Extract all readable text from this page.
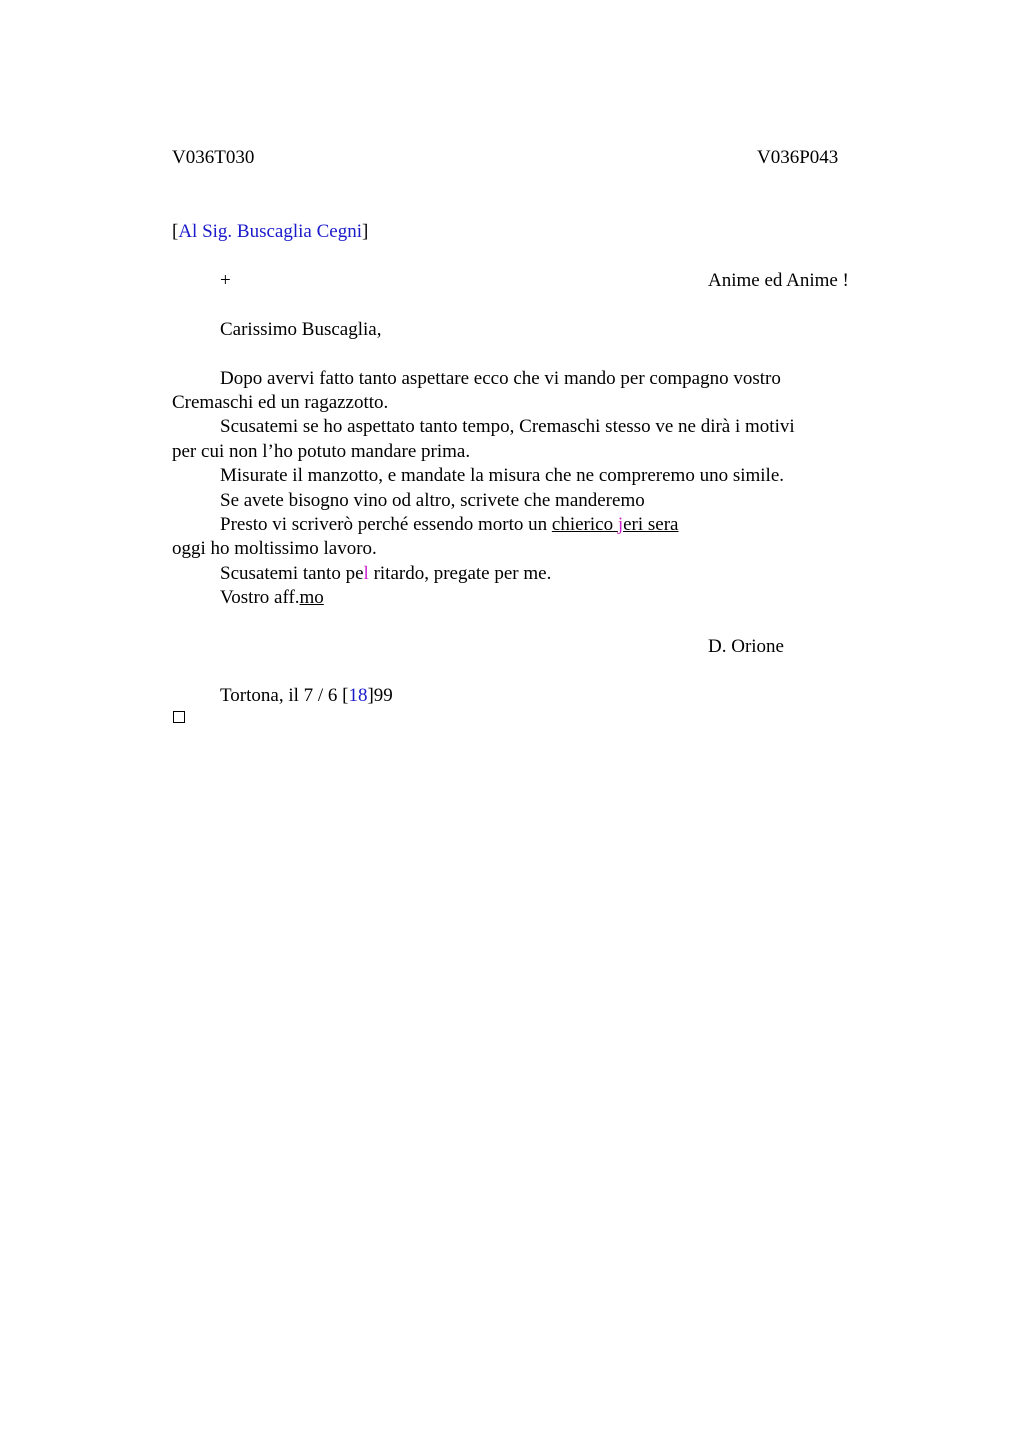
V036T030	V036P043
[Al Sig. Buscaglia Cegni]
+	Anime ed Anime !
Carissimo Buscaglia,
Dopo avervi fatto tanto aspettare ecco che vi mando per compagno vostro
Cremaschi ed un ragazzotto.
Scusatemi se ho aspettato tanto tempo, Cremaschi stesso ve ne dirà i motivi
per cui non l’ho potuto mandare prima.
Misurate il manzotto, e mandate la misura che ne compreremo uno simile.
Se avete bisogno vino od altro, scrivete che manderemo
Presto vi scriverò perché essendo morto un chierico jeri sera
oggi ho moltissimo lavoro.
Scusatemi tanto pel ritardo, pregate per me.
Vostro aff.mo
D. Orione
Tortona, il 7 / 6 [18]99
